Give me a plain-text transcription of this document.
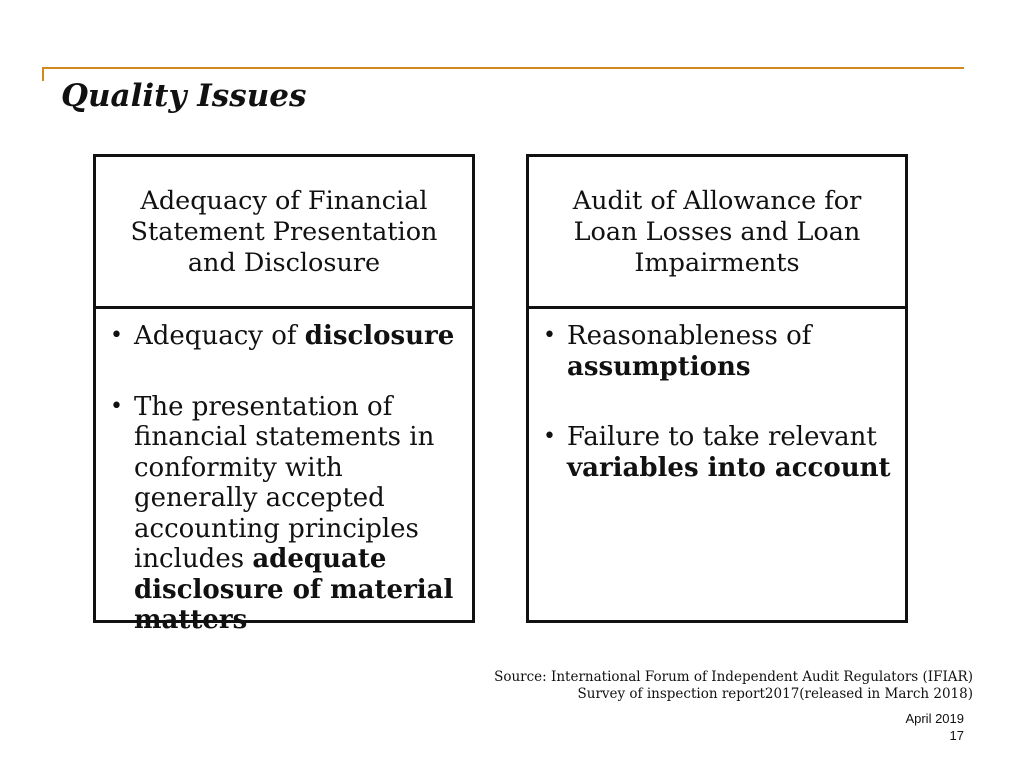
Quality Issues
Adequacy of Financial Statement Presentation and Disclosure
• Adequacy of disclosure
• The presentation of financial statements in conformity with generally accepted accounting principles includes adequate disclosure of material matters
Audit of Allowance for Loan Losses and Loan Impairments
• Reasonableness of assumptions
• Failure to take relevant variables into account
Source: International Forum of Independent Audit Regulators (IFIAR)
Survey of inspection report2017(released in March 2018)
April 2019
17
